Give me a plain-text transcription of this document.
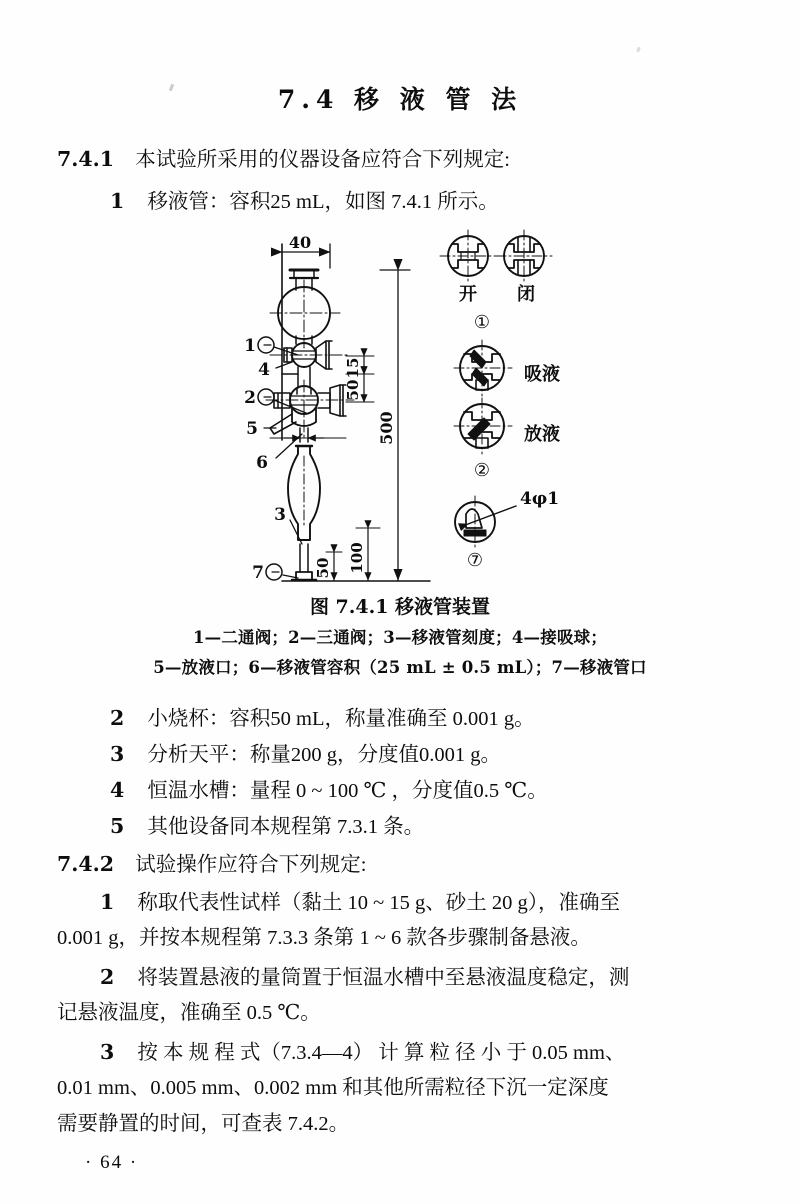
7.4 移 液 管 法
7.4.1 本试验所采用的仪器设备应符合下列规定:
1 移液管：容积25 mL，如图 7.4.1 所示。
40
1
4
2
5
6
3
7
15
50
500
50 100
开 闭
①
吸液
放液
②
4φ1
⑦
图 7.4.1 移液管装置
1—二通阀；2—三通阀；3—移液管刻度；4—接吸球；
5—放液口；6—移液管容积（25 mL ± 0.5 mL）；7—移液管口
2 小烧杯：容积50 mL，称量准确至 0.001 g。
3 分析天平：称量200 g，分度值0.001 g。
4 恒温水槽：量程 0 ~ 100 ℃ ，分度值0.5 ℃。
5 其他设备同本规程第 7.3.1 条。
7.4.2 试验操作应符合下列规定:
1 称取代表性试样（黏土 10 ~ 15 g、砂土 20 g），准确至
0.001 g，并按本规程第 7.3.3 条第 1 ~ 6 款各步骤制备悬液。
2 将装置悬液的量筒置于恒温水槽中至悬液温度稳定，测
记悬液温度，准确至 0.5 ℃。
3 按 本 规 程 式（7.3.4—4） 计 算 粒 径 小 于 0.05 mm、
0.01 mm、0.005 mm、0.002 mm 和其他所需粒径下沉一定深度
需要静置的时间，可查表 7.4.2。
· 64 ·
